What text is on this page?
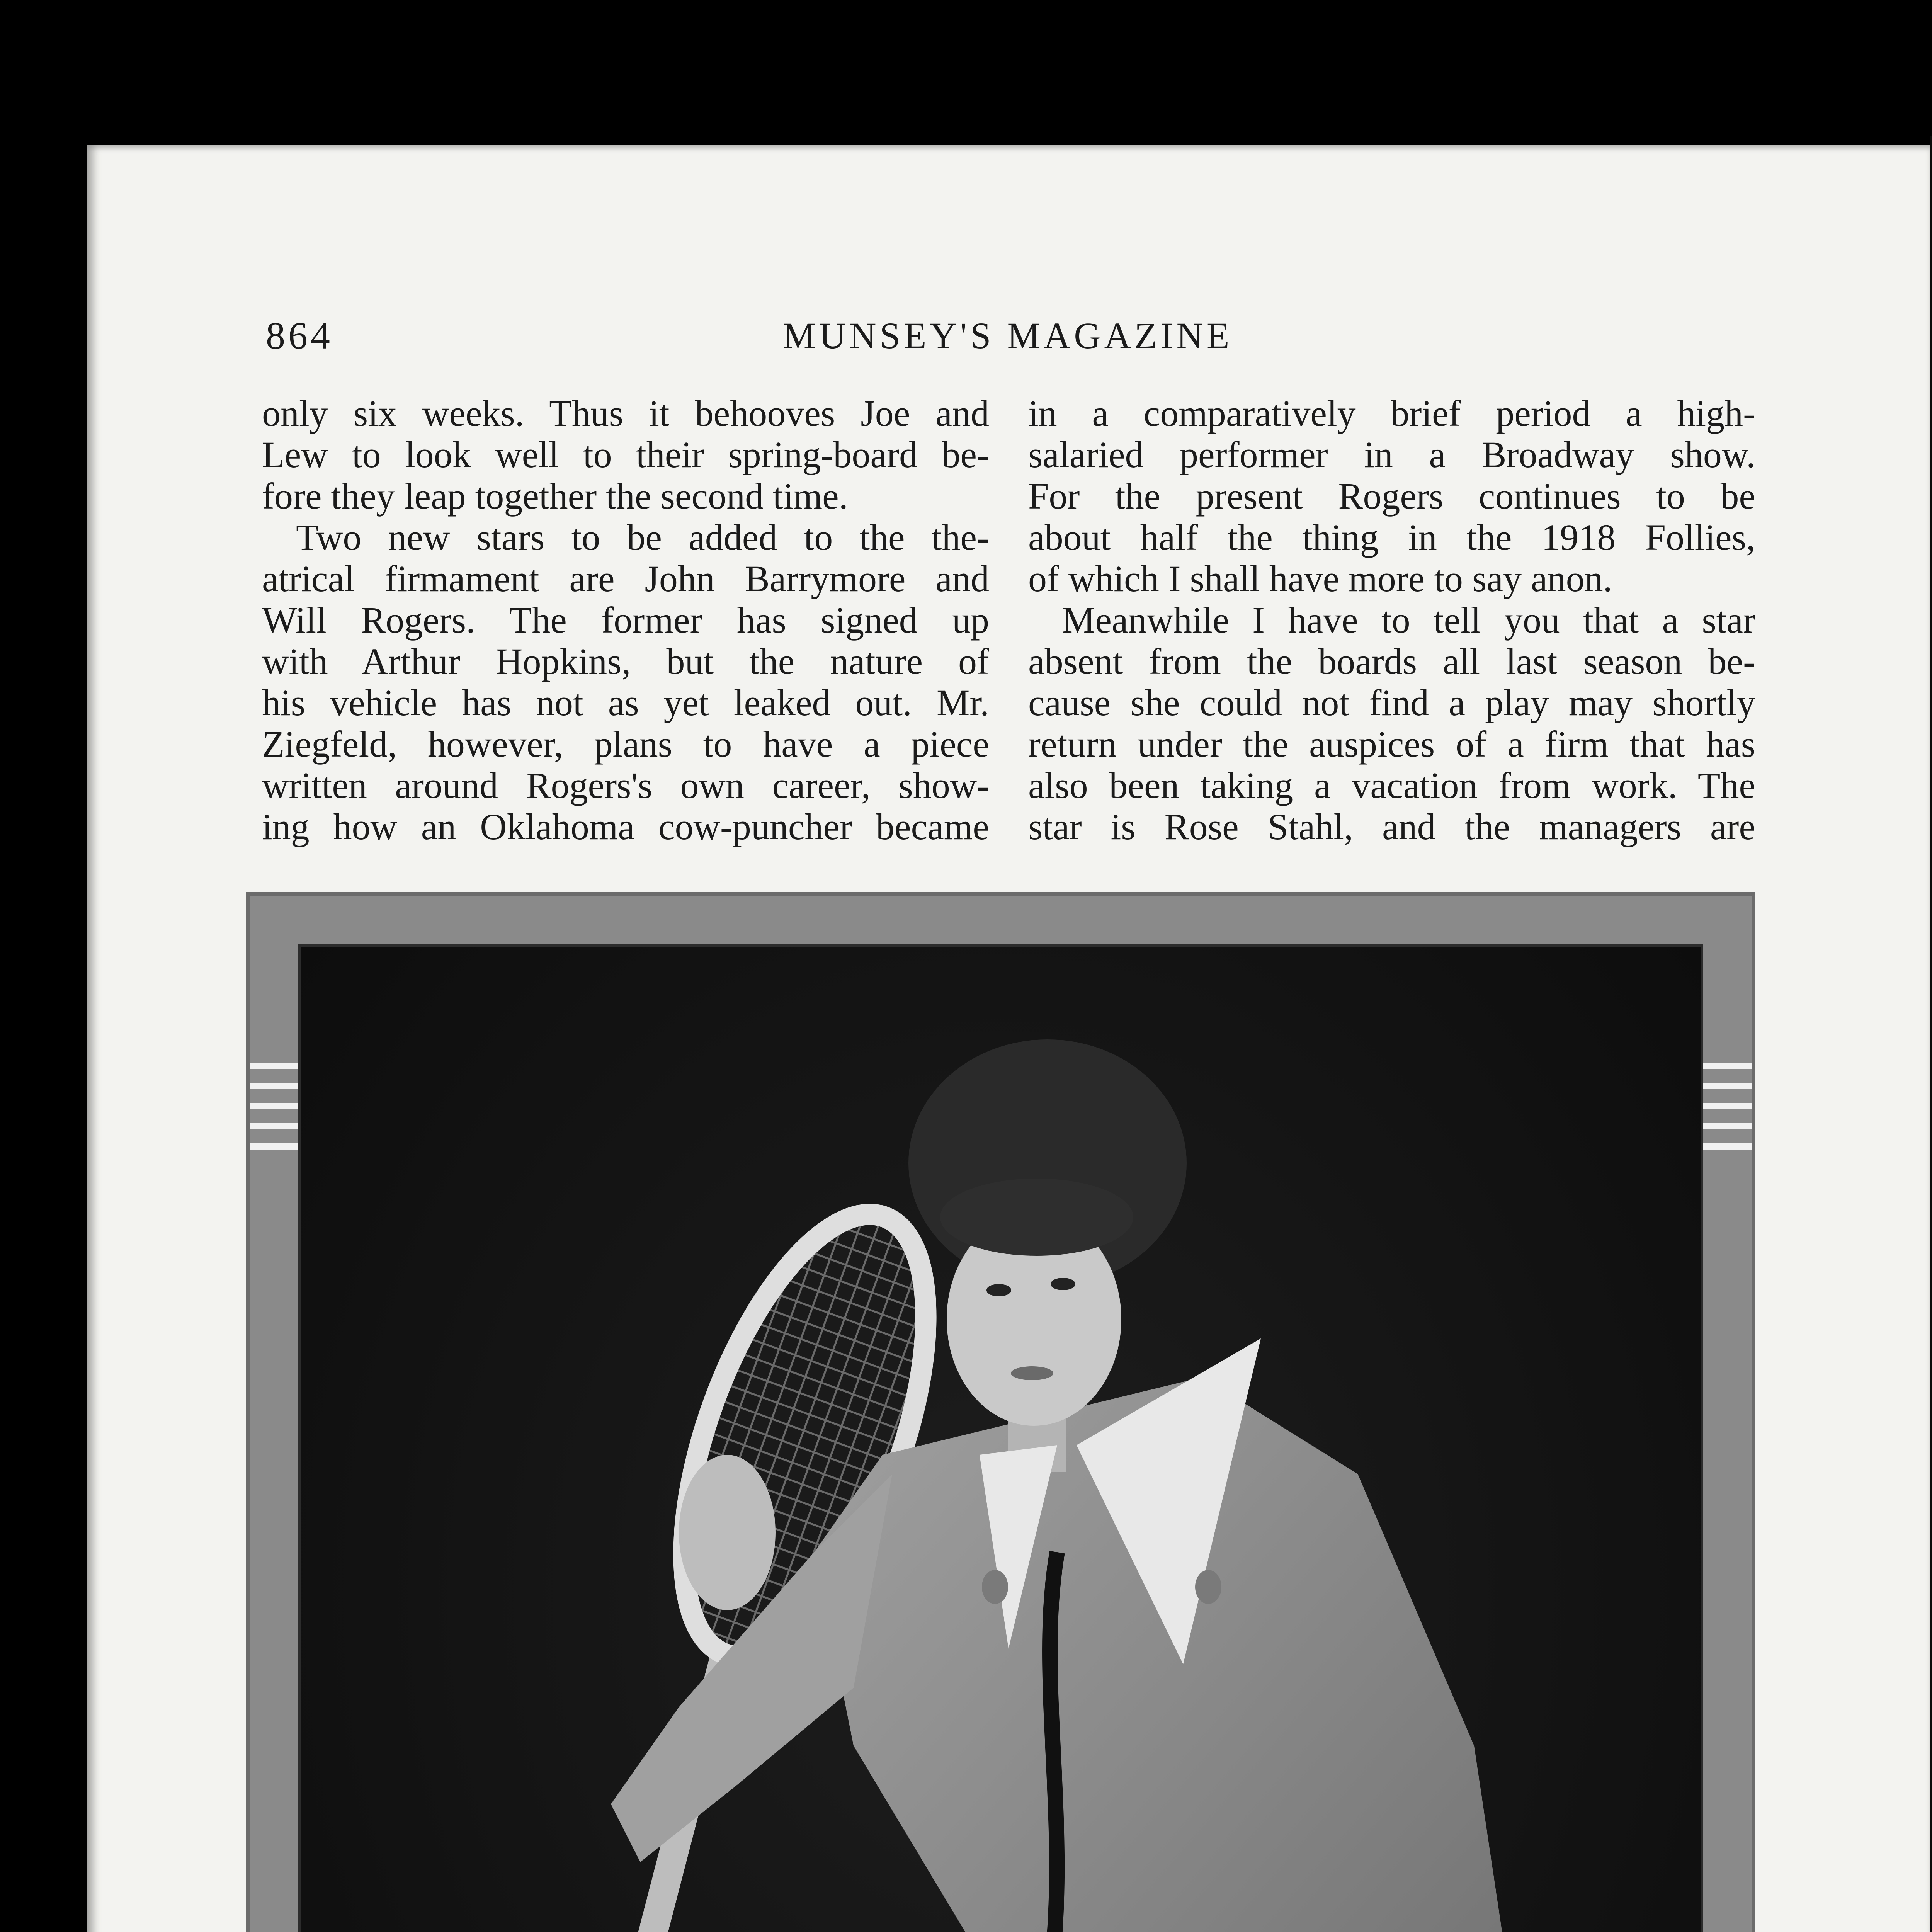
864	MUNSEY'S MAGAZINE
only six weeks. Thus it behooves Joe and
Lew to look well to their spring-board be-
fore they leap together the second time.
Two new stars to be added to the the-
atrical firmament are John Barrymore and
Will Rogers. The former has signed up
with Arthur Hopkins, but the nature of
his vehicle has not as yet leaked out. Mr.
Ziegfeld, however, plans to have a piece
written around Rogers's own career, show-
ing how an Oklahoma cow-puncher became
in a comparatively brief period a high-
salaried performer in a Broadway show.
For the present Rogers continues to be
about half the thing in the 1918 Follies,
of which I shall have more to say anon.
Meanwhile I have to tell you that a star
absent from the boards all last season be-
cause she could not find a play may shortly
return under the auspices of a firm that has
also been taking a vacation from work. The
star is Rose Stahl, and the managers are
